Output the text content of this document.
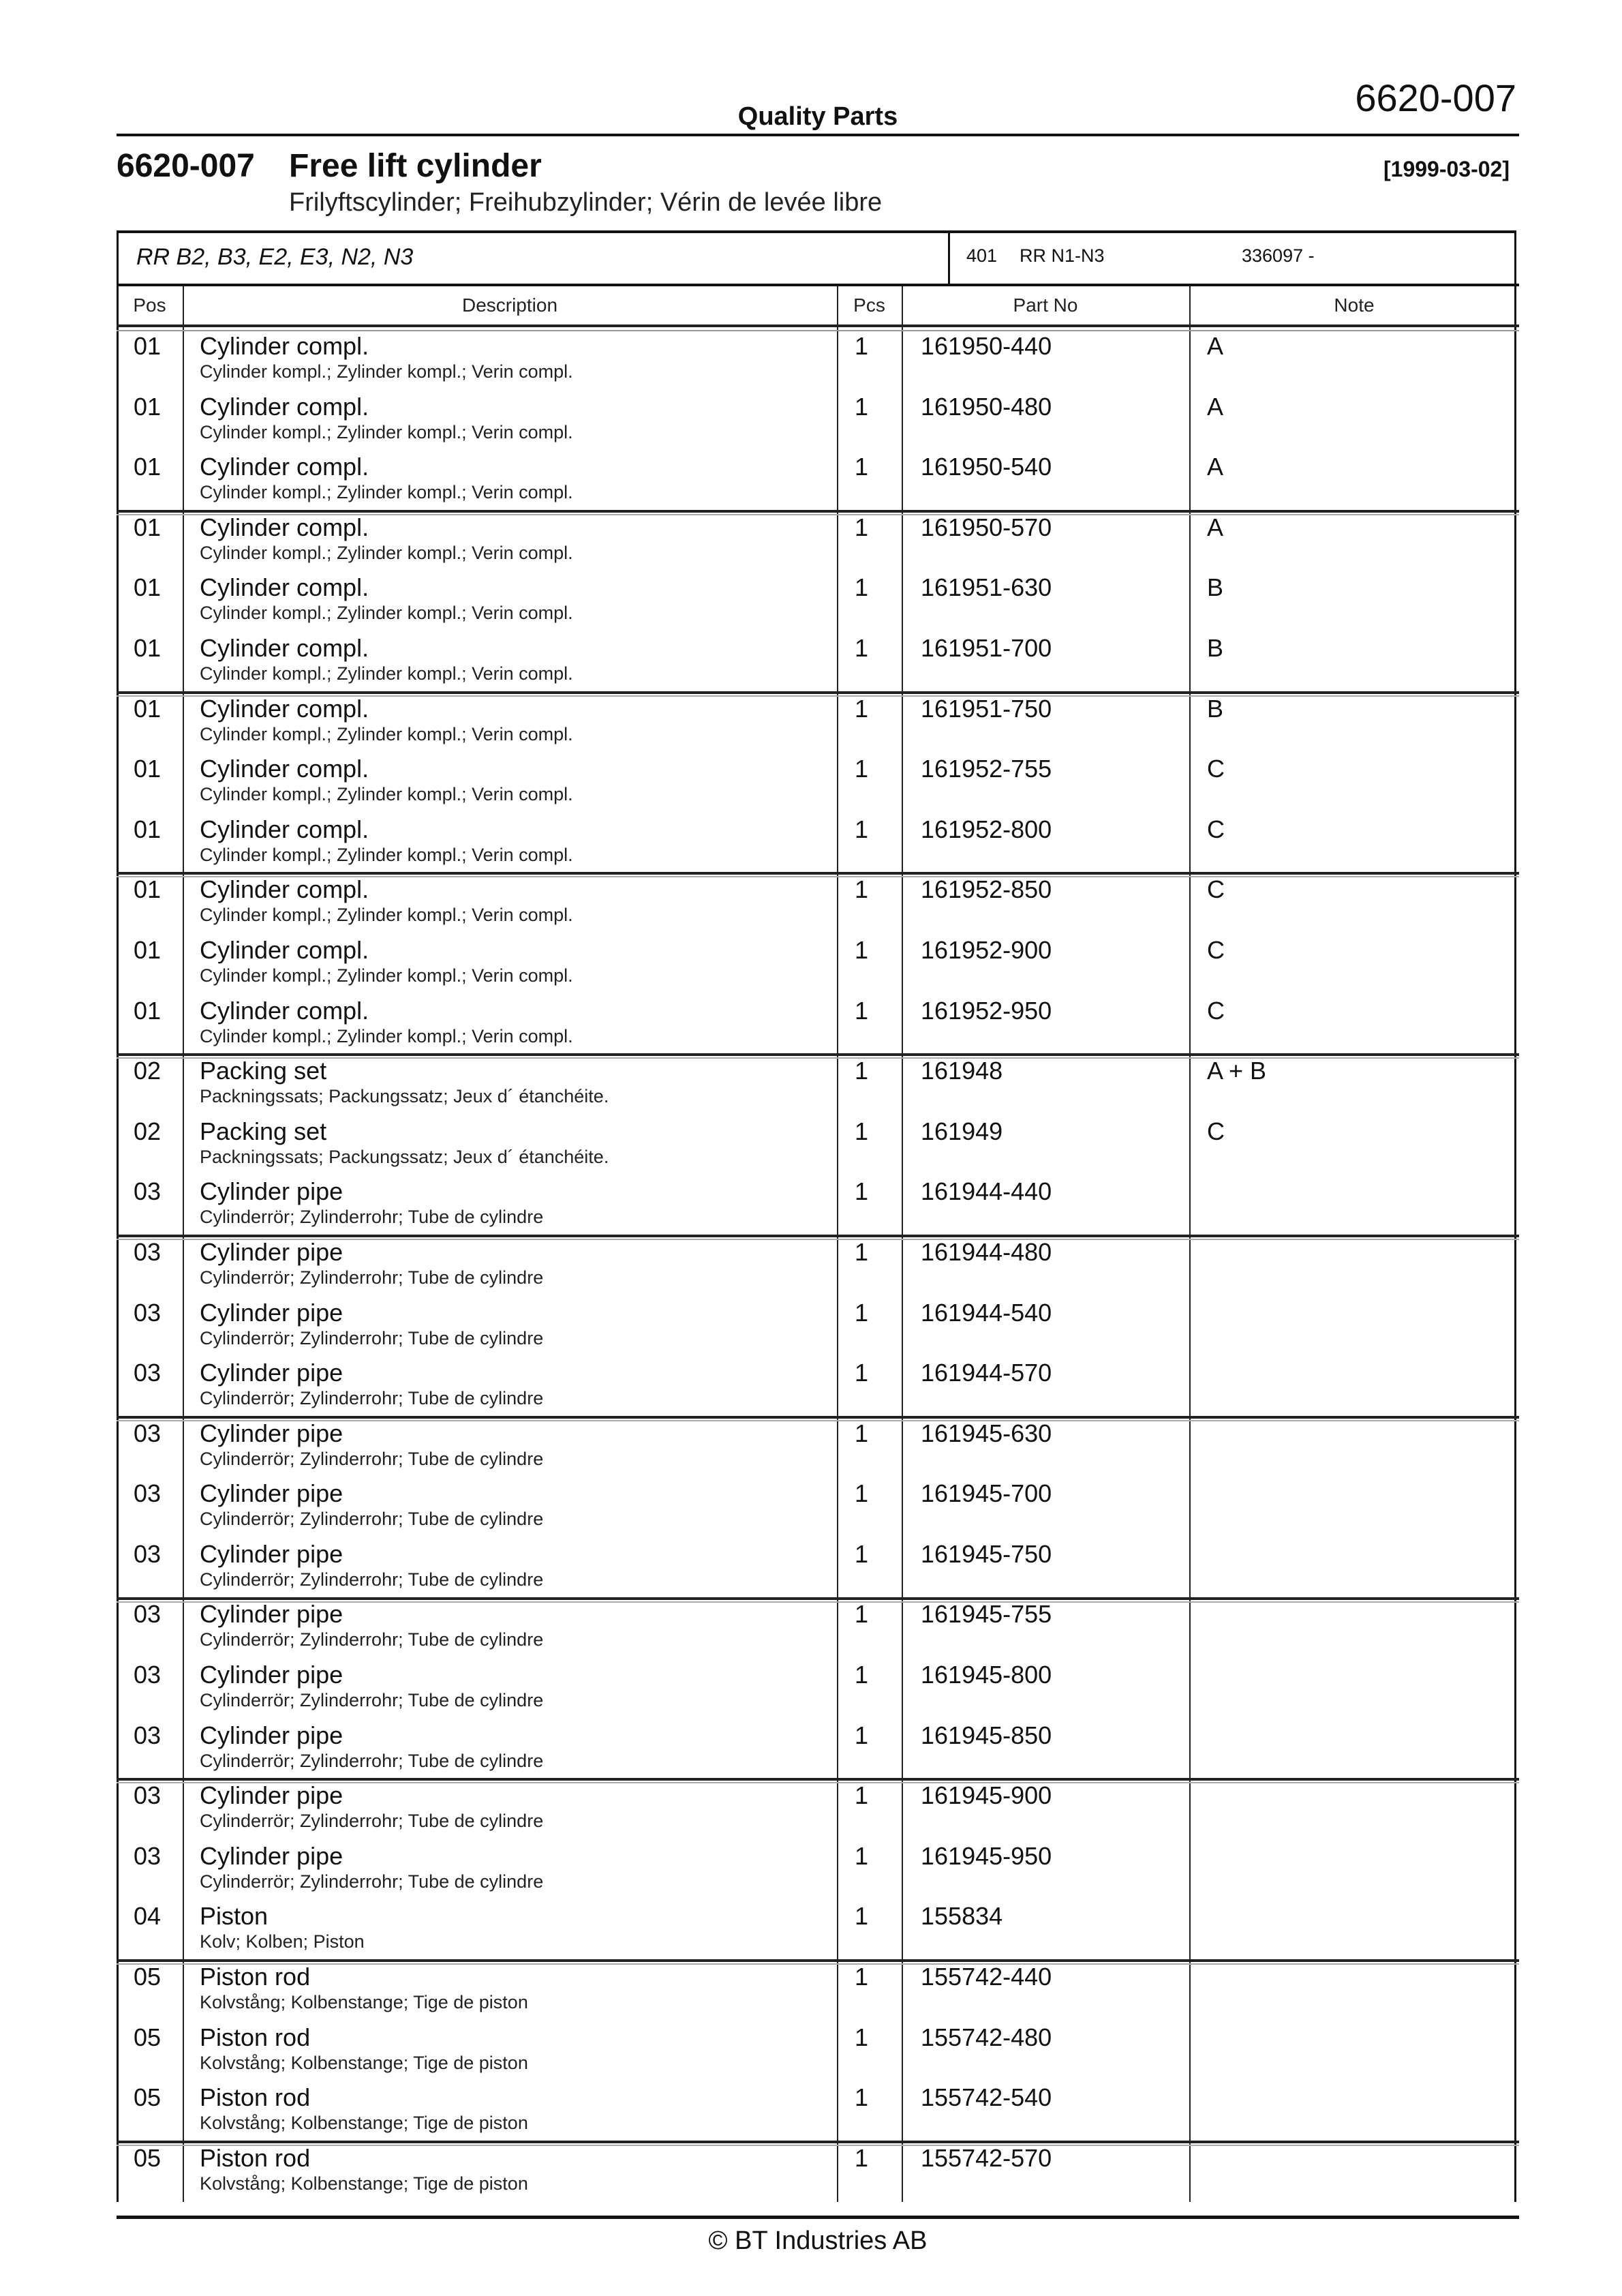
6620-007
Quality Parts
6620-007 Free lift cylinder	[1999-03-02]
Frilyftscylinder; Freihubzylinder; Vérin de levée libre
RR B2, B3, E2, E3, N2, N3	401 RR N1-N3	336097 -
Pos	Description	Pcs	Part No	Note
01 Cylinder compl.
Cylinder kompl.; Zylinder kompl.; Verin compl.
1 161950-440	A
01 Cylinder compl.
Cylinder kompl.; Zylinder kompl.; Verin compl.
1 161950-480	A
01 Cylinder compl.
Cylinder kompl.; Zylinder kompl.; Verin compl.
1 161950-540	A
01 Cylinder compl.
Cylinder kompl.; Zylinder kompl.; Verin compl.
1 161950-570	A
01 Cylinder compl.
Cylinder kompl.; Zylinder kompl.; Verin compl.
1 161951-630	B
01 Cylinder compl.
Cylinder kompl.; Zylinder kompl.; Verin compl.
1 161951-700	B
01 Cylinder compl.
Cylinder kompl.; Zylinder kompl.; Verin compl.
1 161951-750	B
01 Cylinder compl.
Cylinder kompl.; Zylinder kompl.; Verin compl.
1 161952-755	C
01 Cylinder compl.
Cylinder kompl.; Zylinder kompl.; Verin compl.
1 161952-800	C
01 Cylinder compl.
Cylinder kompl.; Zylinder kompl.; Verin compl.
1 161952-850	C
01 Cylinder compl.
Cylinder kompl.; Zylinder kompl.; Verin compl.
1 161952-900	C
01 Cylinder compl.
Cylinder kompl.; Zylinder kompl.; Verin compl.
1 161952-950	C
02 Packing set
Packningssats; Packungssatz; Jeux d´ étanchéite.
1 161948	A + B
02 Packing set
Packningssats; Packungssatz; Jeux d´ étanchéite.
1 161949	C
03 Cylinder pipe
Cylinderrör; Zylinderrohr; Tube de cylindre
1 161944-440
03 Cylinder pipe
Cylinderrör; Zylinderrohr; Tube de cylindre
1 161944-480
03 Cylinder pipe
Cylinderrör; Zylinderrohr; Tube de cylindre
1 161944-540
03 Cylinder pipe
Cylinderrör; Zylinderrohr; Tube de cylindre
1 161944-570
03 Cylinder pipe
Cylinderrör; Zylinderrohr; Tube de cylindre
1 161945-630
03 Cylinder pipe
Cylinderrör; Zylinderrohr; Tube de cylindre
1 161945-700
03 Cylinder pipe
Cylinderrör; Zylinderrohr; Tube de cylindre
1 161945-750
03 Cylinder pipe
Cylinderrör; Zylinderrohr; Tube de cylindre
1 161945-755
03 Cylinder pipe
Cylinderrör; Zylinderrohr; Tube de cylindre
1 161945-800
03 Cylinder pipe
Cylinderrör; Zylinderrohr; Tube de cylindre
1 161945-850
03 Cylinder pipe
Cylinderrör; Zylinderrohr; Tube de cylindre
1 161945-900
03 Cylinder pipe
Cylinderrör; Zylinderrohr; Tube de cylindre
1 161945-950
04 Piston
Kolv; Kolben; Piston
1 155834
05 Piston rod
Kolvstång; Kolbenstange; Tige de piston
1 155742-440
05 Piston rod
Kolvstång; Kolbenstange; Tige de piston
1 155742-480
05 Piston rod
Kolvstång; Kolbenstange; Tige de piston
1 155742-540
05 Piston rod
Kolvstång; Kolbenstange; Tige de piston
1 155742-570
© BT Industries AB
